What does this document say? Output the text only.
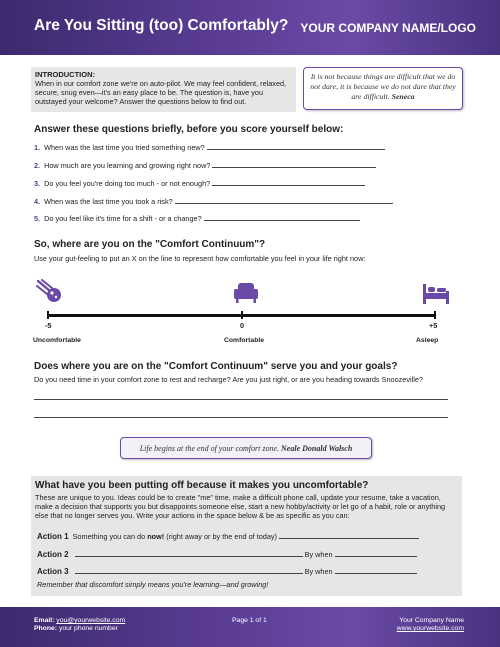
Are You Sitting (too) Comfortably? YOUR COMPANY NAME/LOGO
INTRODUCTION:
When in our comfort zone we're on auto-pilot. We may feel confident, relaxed, secure, snug even—it's an easy place to be. The question is, have you outstayed your welcome? Answer the questions below to find out.
It is not because things are difficult that we do not dare, it is because we do not dare that they are difficult. Seneca
Answer these questions briefly, before you score yourself below:
1. When was the last time you tried something new?
2. How much are you learning and growing right now?
3. Do you feel you're doing too much - or not enough?
4. When was the last time you took a risk?
5. Do you feel like it's time for a shift - or a change?
So, where are you on the "Comfort Continuum"?
Use your gut-feeling to put an X on the line to represent how comfortable you feel in your life right now:
-5	0	+5
Uncomfortable	Comfortable	Asleep
Does where you are on the "Comfort Continuum" serve you and your goals?
Do you need time in your comfort zone to rest and recharge? Are you just right, or are you heading towards Snoozeville?
Life begins at the end of your comfort zone. Neale Donald Walsch
What have you been putting off because it makes you uncomfortable?
These are unique to you. Ideas could be to create "me" time, make a difficult phone call, update your resume, take a vacation, make a decision that supports you but disappoints someone else, start a new hobby/activity or let go of a habit, role or anything else that no longer serves you. Write your actions in the space below & be as specific as you can:
Action 1 Something you can do now! (right away or by the end of today)
Action 2	By when
Action 3	By when
Remember that discomfort simply means you're learning—and growing!
Email: you@yourwebsite.com
Phone: your phone number
Page 1 of 1	Your Company Name
www.yourwebsite.com
